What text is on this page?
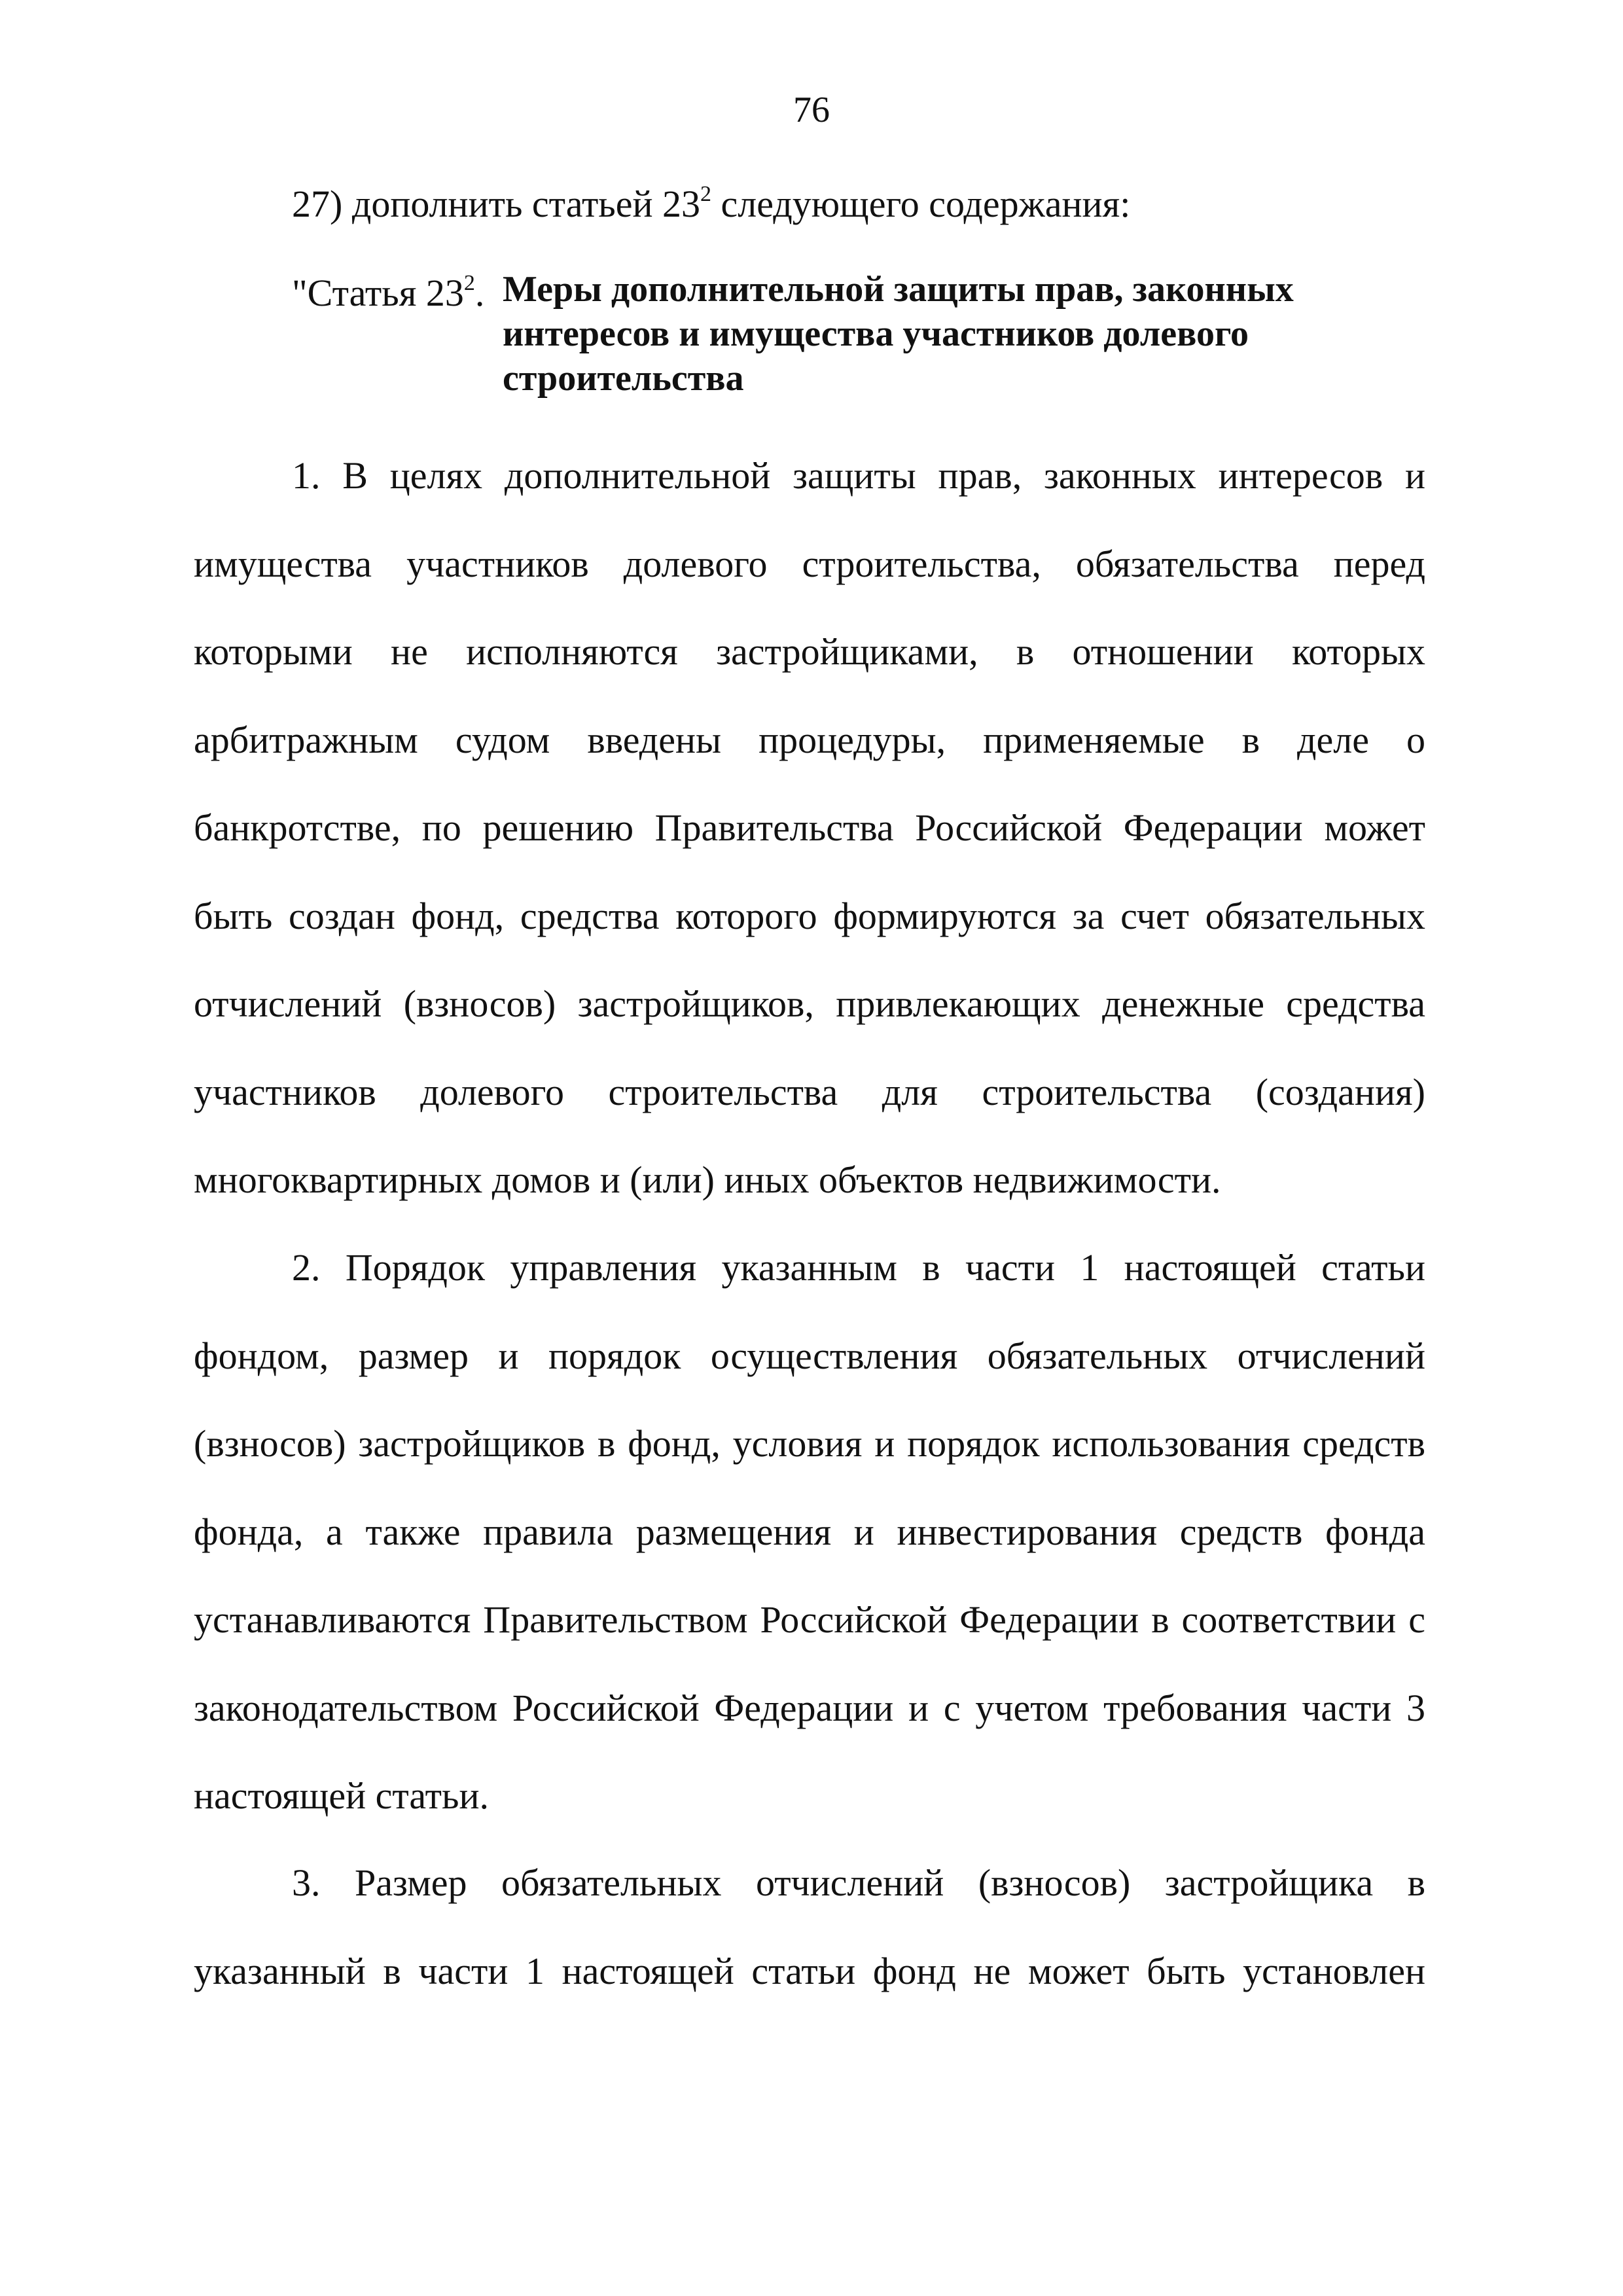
76
27) дополнить статьей $23^2$ следующего содержания:
"Статья $23^2$. Меры дополнительной защиты прав, законных
интересов и имущества участников долевого
строительства
1. В целях дополнительной защиты прав, законных интересов и
имущества участников долевого строительства, обязательства перед
которыми не исполняются застройщиками, в отношении которых
арбитражным судом введены процедуры, применяемые в деле о
банкротстве, по решению Правительства Российской Федерации может
быть создан фонд, средства которого формируются за счет обязательных
отчислений (взносов) застройщиков, привлекающих денежные средства
участников долевого строительства для строительства (создания)
многоквартирных домов и (или) иных объектов недвижимости.
2. Порядок управления указанным в части 1 настоящей статьи
фондом, размер и порядок осуществления обязательных отчислений
(взносов) застройщиков в фонд, условия и порядок использования средств
фонда, а также правила размещения и инвестирования средств фонда
устанавливаются Правительством Российской Федерации в соответствии с
законодательством Российской Федерации и с учетом требования части 3
настоящей статьи.
3. Размер обязательных отчислений (взносов) застройщика в
указанный в части 1 настоящей статьи фонд не может быть установлен
